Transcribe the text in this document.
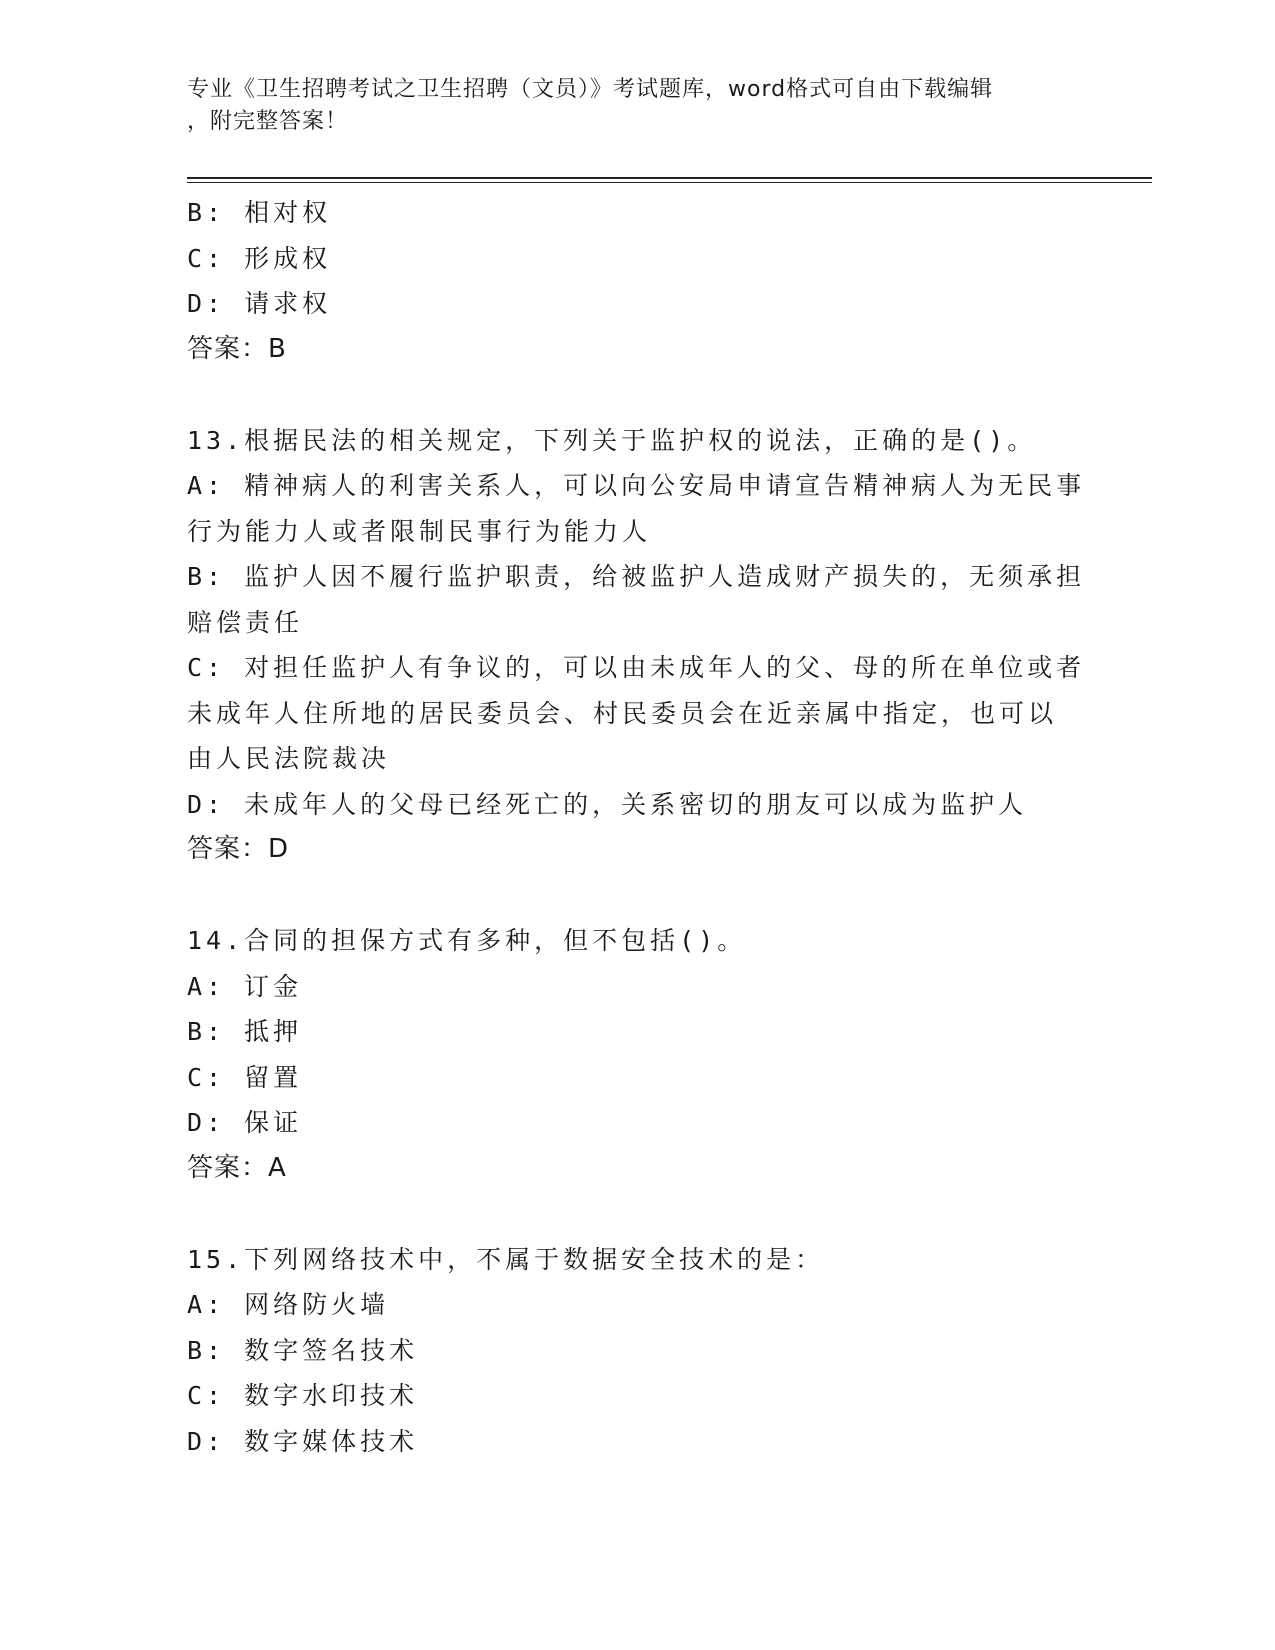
专业《卫生招聘考试之卫生招聘（文员）》考试题库，word格式可自由下载编辑
，附完整答案！
B: 相对权
C: 形成权
D: 请求权
答案：B
13.根据民法的相关规定，下列关于监护权的说法，正确的是()。
A: 精神病人的利害关系人，可以向公安局申请宣告精神病人为无民事
行为能力人或者限制民事行为能力人
B: 监护人因不履行监护职责，给被监护人造成财产损失的，无须承担
赔偿责任
C: 对担任监护人有争议的，可以由未成年人的父、母的所在单位或者
未成年人住所地的居民委员会、村民委员会在近亲属中指定，也可以
由人民法院裁决
D: 未成年人的父母已经死亡的，关系密切的朋友可以成为监护人
答案：D
14.合同的担保方式有多种，但不包括()。
A: 订金
B: 抵押
C: 留置
D: 保证
答案：A
15.下列网络技术中，不属于数据安全技术的是：
A: 网络防火墙
B: 数字签名技术
C: 数字水印技术
D: 数字媒体技术
